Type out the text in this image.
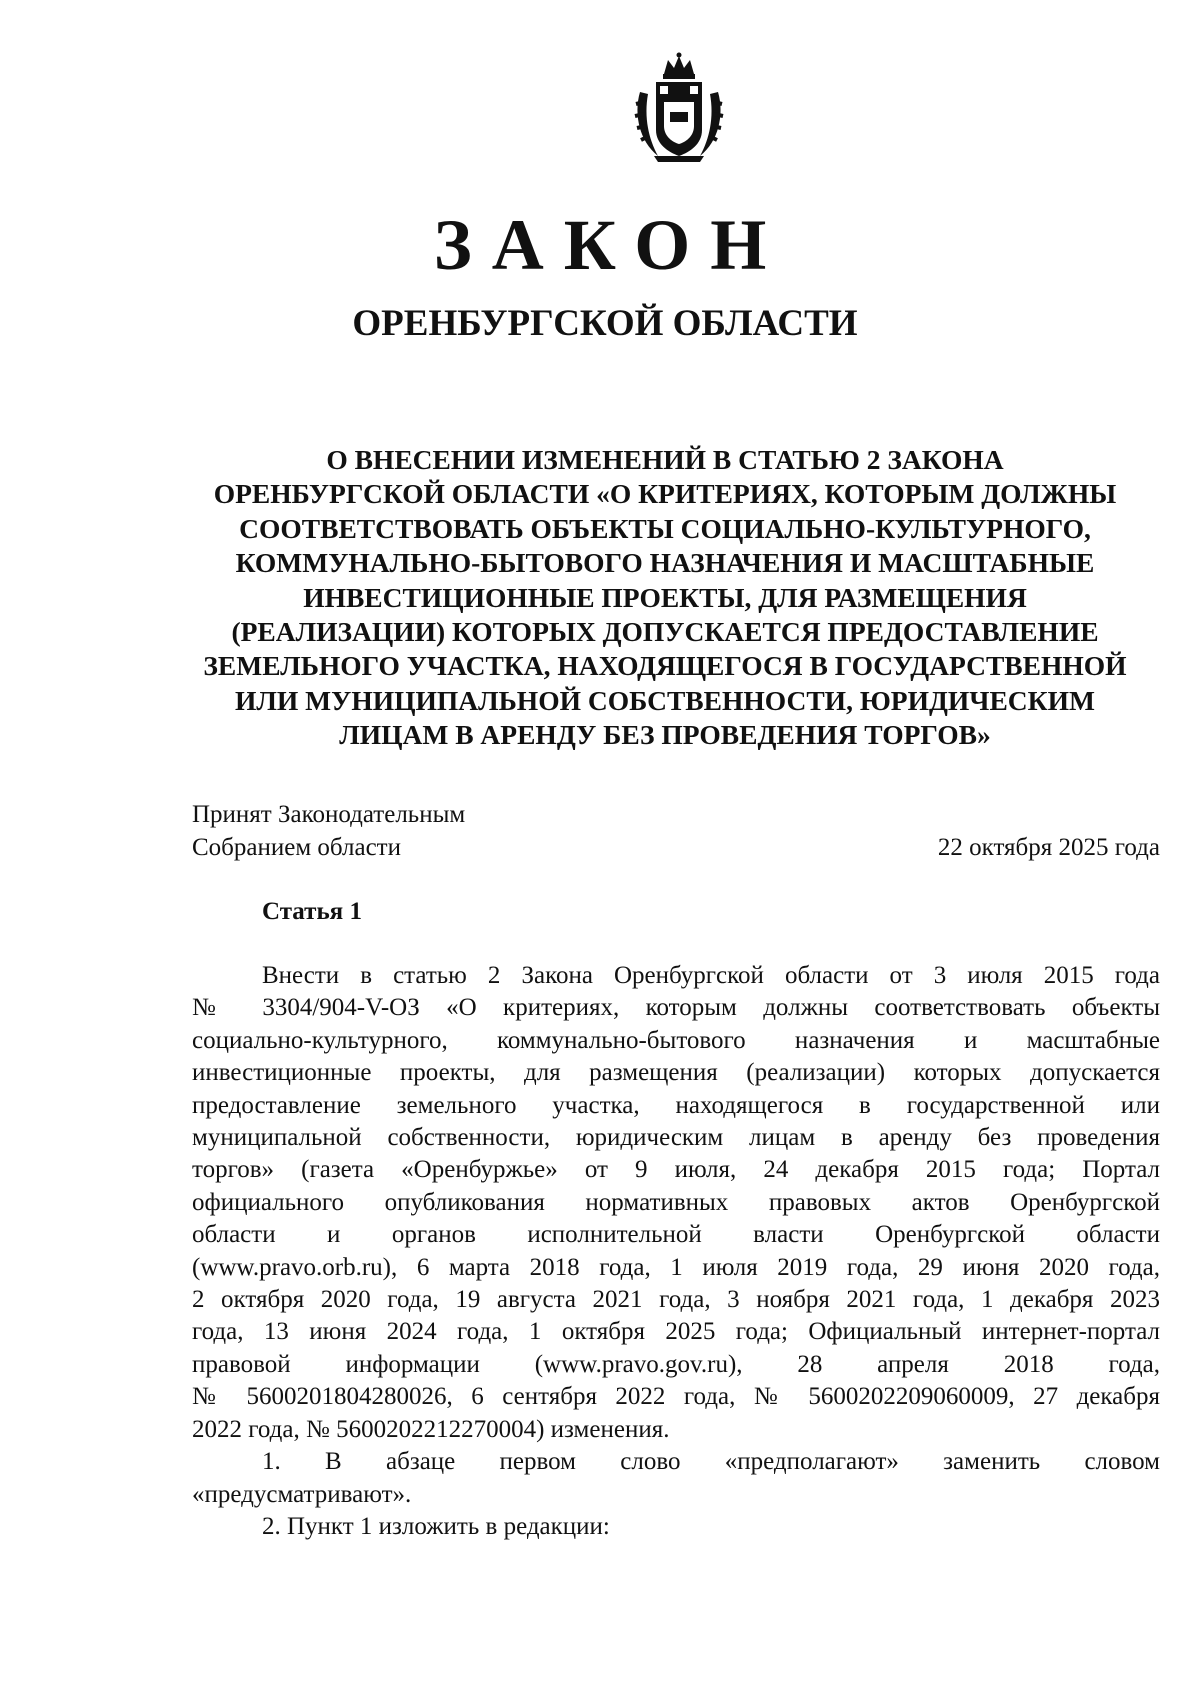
ЗАКОН
ОРЕНБУРГСКОЙ ОБЛАСТИ
О ВНЕСЕНИИ ИЗМЕНЕНИЙ В СТАТЬЮ 2 ЗАКОНА
ОРЕНБУРГСКОЙ ОБЛАСТИ «О КРИТЕРИЯХ, КОТОРЫМ ДОЛЖНЫ
СООТВЕТСТВОВАТЬ ОБЪЕКТЫ СОЦИАЛЬНО-КУЛЬТУРНОГО,
КОММУНАЛЬНО-БЫТОВОГО НАЗНАЧЕНИЯ И МАСШТАБНЫЕ
ИНВЕСТИЦИОННЫЕ ПРОЕКТЫ, ДЛЯ РАЗМЕЩЕНИЯ
(РЕАЛИЗАЦИИ) КОТОРЫХ ДОПУСКАЕТСЯ ПРЕДОСТАВЛЕНИЕ
ЗЕМЕЛЬНОГО УЧАСТКА, НАХОДЯЩЕГОСЯ В ГОСУДАРСТВЕННОЙ
ИЛИ МУНИЦИПАЛЬНОЙ СОБСТВЕННОСТИ, ЮРИДИЧЕСКИМ
ЛИЦАМ В АРЕНДУ БЕЗ ПРОВЕДЕНИЯ ТОРГОВ»
Принят Законодательным
Собранием области	22 октября 2025 года
Статья 1
Внести в статью 2 Закона Оренбургской области от 3 июля 2015 года
№ 3304/904-V-ОЗ «О критериях, которым должны соответствовать объекты
социально-культурного, коммунально-бытового назначения и масштабные
инвестиционные проекты, для размещения (реализации) которых допускается
предоставление земельного участка, находящегося в государственной или
муниципальной собственности, юридическим лицам в аренду без проведения
торгов» (газета «Оренбуржье» от 9 июля, 24 декабря 2015 года; Портал
официального опубликования нормативных правовых актов Оренбургской
области и органов исполнительной власти Оренбургской области
(www.pravo.orb.ru), 6 марта 2018 года, 1 июля 2019 года, 29 июня 2020 года,
2 октября 2020 года, 19 августа 2021 года, 3 ноября 2021 года, 1 декабря 2023
года, 13 июня 2024 года, 1 октября 2025 года; Официальный интернет-портал
правовой информации (www.pravo.gov.ru), 28 апреля 2018 года,
№ 5600201804280026, 6 сентября 2022 года, № 5600202209060009, 27 декабря
2022 года, № 5600202212270004) изменения.
1. В абзаце первом слово «предполагают» заменить словом
«предусматривают».
2. Пункт 1 изложить в редакции:
